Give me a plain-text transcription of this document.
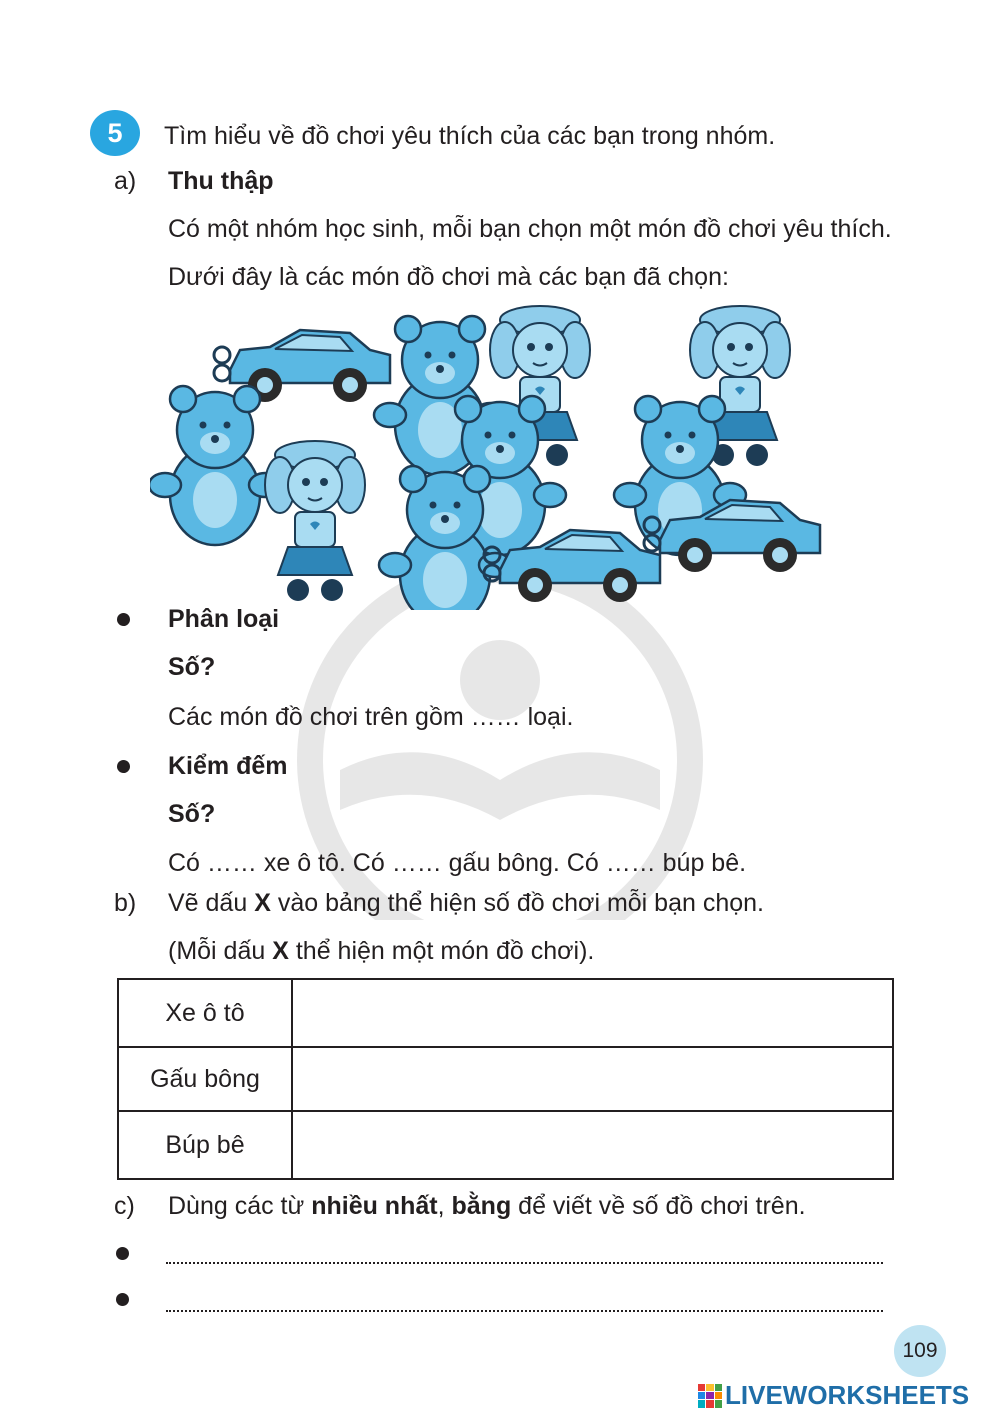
5	Tìm hiểu về đồ chơi yêu thích của các bạn trong nhóm.
a) Thu thập
Có một nhóm học sinh, mỗi bạn chọn một món đồ chơi yêu thích.
Dưới đây là các món đồ chơi mà các bạn đã chọn:
Phân loại
Số?
Các món đồ chơi trên gồm …… loại.
Kiểm đếm
Số?
Có …… xe ô tô. Có …… gấu bông. Có …… búp bê.
b) Vẽ dấu X vào bảng thể hiện số đồ chơi mỗi bạn chọn.
(Mỗi dấu X thể hiện một món đồ chơi).
Xe ô tô	
Gấu bông	
Búp bê	
c) Dùng các từ nhiều nhất, bằng để viết về số đồ chơi trên.
109
LIVEWORKSHEETS
